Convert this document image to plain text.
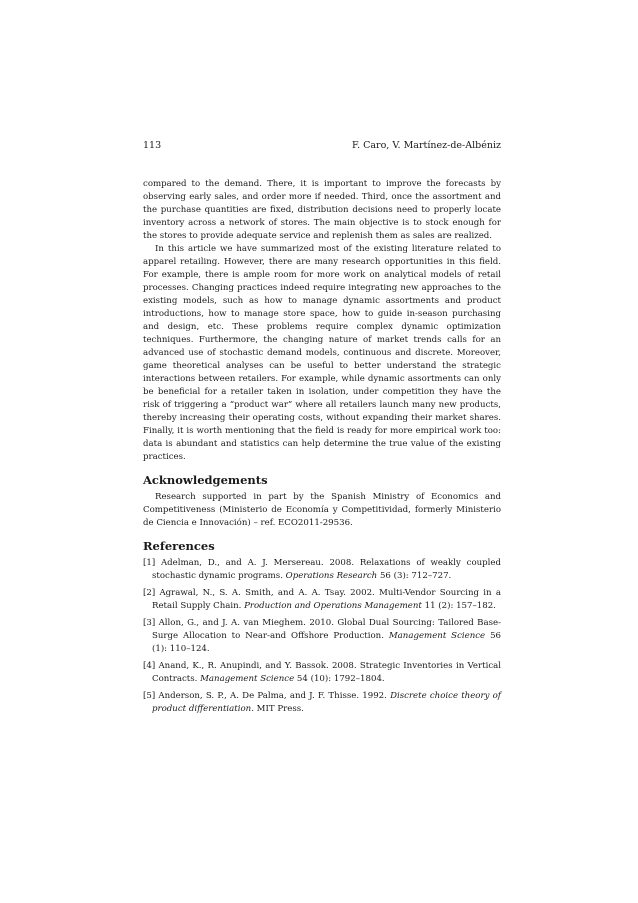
113	F. Caro, V. Martínez-de-Albéniz

compared to the demand. There, it is important to improve the forecasts by observing early sales, and order more if needed. Third, once the assortment and the purchase quantities are fixed, distribution decisions need to properly locate inventory across a network of stores. The main objective is to stock enough for the stores to provide adequate service and replenish them as sales are realized.

In this article we have summarized most of the existing literature related to apparel retailing. However, there are many research opportunities in this field. For example, there is ample room for more work on analytical models of retail processes. Changing practices indeed require integrating new approaches to the existing models, such as how to manage dynamic assortments and product introductions, how to manage store space, how to guide in-season purchasing and design, etc. These problems require complex dynamic optimization techniques. Furthermore, the changing nature of market trends calls for an advanced use of stochastic demand models, continuous and discrete. Moreover, game theoretical analyses can be useful to better understand the strategic interactions between retailers. For example, while dynamic assortments can only be beneficial for a retailer taken in isolation, under competition they have the risk of triggering a “product war” where all retailers launch many new products, thereby increasing their operating costs, without expanding their market shares. Finally, it is worth mentioning that the field is ready for more empirical work too: data is abundant and statistics can help determine the true value of the existing practices.

Acknowledgements

Research supported in part by the Spanish Ministry of Economics and Competitiveness (Ministerio de Economía y Competitividad, formerly Ministerio de Ciencia e Innovación) – ref. ECO2011-29536.

References
[1] Adelman, D., and A. J. Mersereau. 2008. Relaxations of weakly coupled stochastic dynamic programs. Operations Research 56 (3): 712–727.
[2] Agrawal, N., S. A. Smith, and A. A. Tsay. 2002. Multi-Vendor Sourcing in a Retail Supply Chain. Production and Operations Management 11 (2): 157–182.
[3] Allon, G., and J. A. van Mieghem. 2010. Global Dual Sourcing: Tailored Base-Surge Allocation to Near-and Offshore Production. Management Science 56 (1): 110–124.
[4] Anand, K., R. Anupindi, and Y. Bassok. 2008. Strategic Inventories in Vertical Contracts. Management Science 54 (10): 1792–1804.
[5] Anderson, S. P., A. De Palma, and J. F. Thisse. 1992. Discrete choice theory of product differentiation. MIT Press.
